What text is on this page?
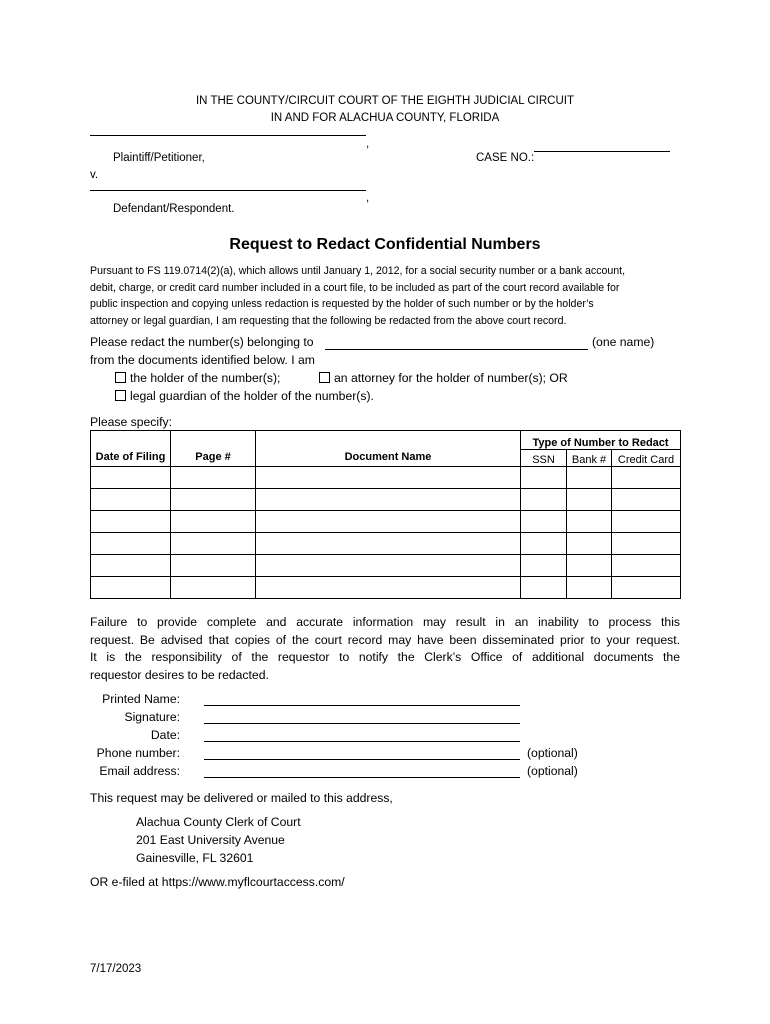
IN THE COUNTY/CIRCUIT COURT OF THE EIGHTH JUDICIAL CIRCUIT
IN AND FOR ALACHUA COUNTY, FLORIDA
,
Plaintiff/Petitioner,	CASE NO.:
v.
,
Defendant/Respondent.
Request to Redact Confidential Numbers
Pursuant to FS 119.0714(2)(a), which allows until January 1, 2012, for a social security number or a bank account,
debit, charge, or credit card number included in a court file, to be included as part of the court record available for
public inspection and copying unless redaction is requested by the holder of such number or by the holder’s
attorney or legal guardian, I am requesting that the following be redacted from the above court record.
Please redact the number(s) belonging to	(one name)
from the documents identified below. I am
the holder of the number(s);	an attorney for the holder of number(s); OR
legal guardian of the holder of the number(s).
Please specify:
Date of Filing	Page #	Document Name	Type of Number to Redact		
			SSN	Bank #	Credit Card

Failure to provide complete and accurate information may result in an inability to process this
request. Be advised that copies of the court record may have been disseminated prior to your request.
It is the responsibility of the requestor to notify the Clerk’s Office of additional documents the
requestor desires to be redacted.
Printed Name:
Signature:
Date:
Phone number:	(optional)
Email address:	(optional)
This request may be delivered or mailed to this address,
Alachua County Clerk of Court
201 East University Avenue
Gainesville, FL 32601
OR e-filed at https://www.myflcourtaccess.com/
7/17/2023
